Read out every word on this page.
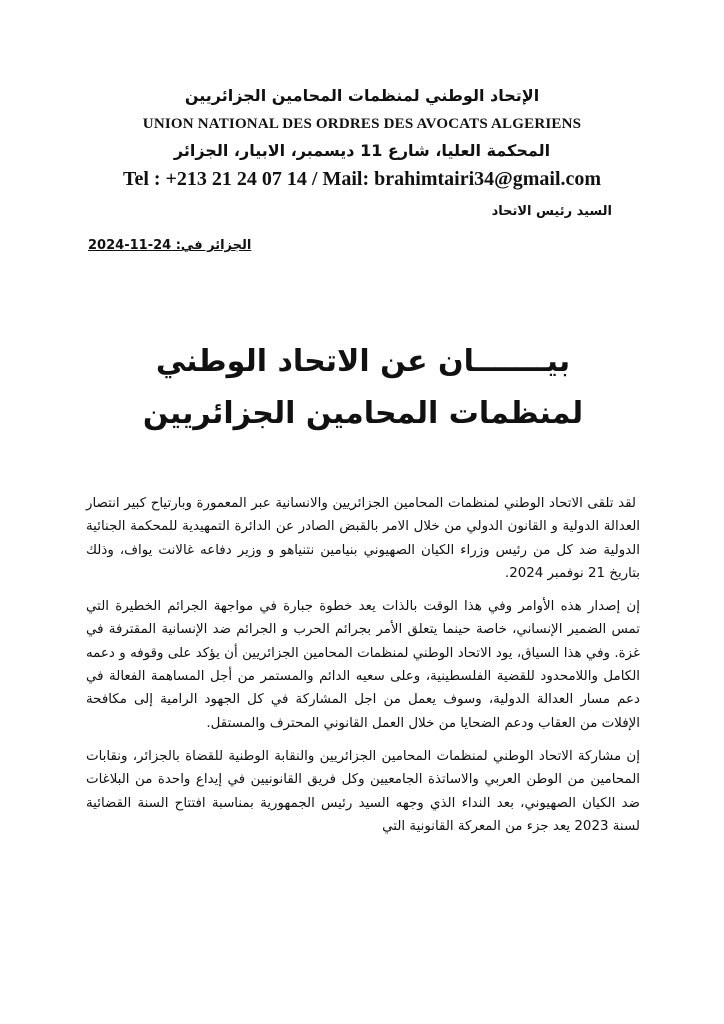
الإتحاد الوطني لمنظمات المحامين الجزائريين
UNION NATIONAL DES ORDRES DES AVOCATS ALGERIENS
المحكمة العليا، شارع 11 ديسمبر، الابيار، الجزائر
Tel : +213 21 24 07 14 / Mail: brahimtairi34@gmail.com
السيد رئيس الاتحاد
الجزائر في: 24-11-2024
بيـــــــان عن الاتحاد الوطني لمنظمات المحامين الجزائريين

لقد تلقى الاتحاد الوطني لمنظمات المحامين الجزائريين والانسانية عبر المعمورة وبارتياح كبير انتصار العدالة الدولية و القانون الدولي من خلال الامر بالقبض الصادر عن الدائرة التمهيدية للمحكمة الجنائية الدولية ضد كل من رئيس وزراء الكيان الصهيوني بنيامين نتنياهو و وزير دفاعه غالانت يواف، وذلك بتاريخ 21 نوفمبر 2024.

إن إصدار هذه الأوامر وفي هذا الوقت بالذات يعد خطوة جبارة في مواجهة الجرائم الخطيرة التي تمس الضمير الإنساني، خاصة حينما يتعلق الأمر بجرائم الحرب و الجرائم ضد الإنسانية المقترفة في غزة. وفي هذا السياق، يود الاتحاد الوطني لمنظمات المحامين الجزائريين أن يؤكد على وقوفه و دعمه الكامل واللامحدود للقضية الفلسطينية، وعلى سعيه الدائم والمستمر من أجل المساهمة الفعالة في دعم مسار العدالة الدولية، وسوف يعمل من اجل المشاركة في كل الجهود الرامية إلى مكافحة الإفلات من العقاب ودعم الضحايا من خلال العمل القانوني المحترف والمستقل.

إن مشاركة الاتحاد الوطني لمنظمات المحامين الجزائريين والنقابة الوطنية للقضاة بالجزائر، ونقابات المحامين من الوطن العربي والاساتذة الجامعيين وكل فريق القانونيين في إيداع واحدة من البلاغات ضد الكيان الصهيوني، بعد النداء الذي وجهه السيد رئيس الجمهورية بمناسبة افتتاح السنة القضائية لسنة 2023 يعد جزء من المعركة القانونية التي
